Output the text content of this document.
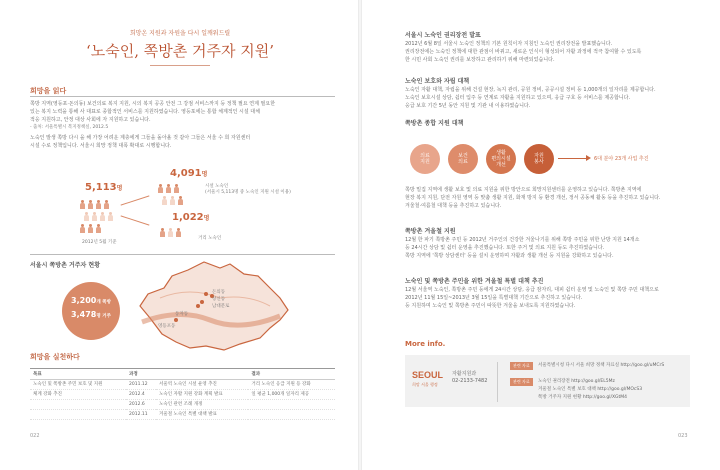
희망온 지원과 자원을 다시 일깨워드릴
‘노숙인, 쪽방촌 거주자 지원’
희망을 읽다
쪽방 지역(영등포·돈의동) 보건의료 복지 지원, 시의 복지 공공 안전 그 강점 서비스까지 등 정책 필요 연계 필요한
있는 복지 노력을 통해 사 대표로 종합적인 서비스를 지원하였습니다. 영등포에는 통합 체계적인 시설 대체
적응 지원하고, 안정 대상 사회에 자 지원하고 있습니다.
- 출처: 서울특별시 복지정책실, 2012.5
노숙인 발생 쪽방 다시 을 해 가장 어려운 계층에게 그들을 돌아올 것 같아 그들은 서울 수 희 자원센터
시설 수로 정책입니다. 서울시 희망 정책 대폭 확대로 시행합니다.
5,113명
2012년 5월 기준
4,091명
시설 노숙인
(서울시 5,113명 중 노숙인 지원 시설 이용)
1,022명
거리 노숙인
서울시 쪽방촌 거주자 현황
돈의동
창신동
남대문로
동자동
영등포동
3,200개 쪽방
3,478명 거주
희망을 실천하다
목표	과정		결과
노숙인 및 쪽방촌 주민 보호 및 지원	2011.12	서울역 노숙인 시설 운영 추진	거리 노숙인 응급 지원 등 강화
체계 강화 추진	2012.4	노숙인 자활 지원 강화 계획 발표	일 평균 1,000개 일자리 제공
	2012.6	노숙인 관련 조례 개정	
	2012.11	겨울철 노숙인 특별 대책 발표	
022
서울시 노숙인 권리장전 발표
2012년 6월 8일 서울시 노숙인 정책의 기본 원칙이자 지침인 노숙인 권리장전을 발표했습니다.
권리장전에는 노숙인 정책에 대한 관점이 바뀌고, 새로운 인식이 형성되어 자활 과정에 적극 참여할 수 있도록
한 시민 사회 노숙인 권리를 보장하고 관리하기 위해 마련되었습니다.
노숙인 보호와 자립 대책
노숙인 자활 대책, 자립을 위해 건설 현장, 녹지 관리, 공원 정비, 공공시설 정비 등 1,000개의 일자리를 제공합니다.
노숙인 보호시설 상담, 쉼터 입주 등 연계로 자활을 지원하고 있으며, 응급 구호 등 서비스를 제공합니다.
응급 보호 기간 5년 동안 지원 및 기관 내 이용하였습니다.
쪽방촌 종합 지원 대책
의료
지원
보건
의료
생활
편의시설
개선
자원
봉사	6대 분야 23개 사업 추진
쪽방 밀집 지역에 생활 보호 및 의료 지원을 위한 방안으로 희망지원센터를 운영하고 있습니다. 쪽방촌 지역에
현장 복지 지원, 단전 자원 영역 등 맞춤 생활 지원, 화재 방지 등 환경 개선, 정서 공동체 활동 등을 추진하고 있습니다.
겨울철·여름철 대책 등을 추진하고 있습니다.
쪽방촌 겨울철 지원
12월 한 파기 쪽방촌 주민 등 2012년 거주인의 건강한 겨울나기를 위해 쪽방 주민을 위한 난방 지원 14개소
등 24시간 상담 및 쉼터 운영을 추진했습니다. 또한 주거 및 의료 지원 등도 추진하였습니다.
쪽방 지역에 '쪽방 상담센터' 등을 설치 운영하며 자활과 생활 개선 등 지원을 강화하고 있습니다.
노숙인 및 쪽방촌 주민을 위한 겨울철 특별 대책 추진
12월 서울역 노숙인, 쪽방촌 주민 등에게 24시간 상담, 응급 잠자리, 대피 쉼터 운영 및 노숙인 및 쪽방 주민 대책으로
2012년 11월 15일~2013년 3월 15일을 특별대책 기간으로 추진하고 있습니다.
등 지원하며 노숙인 및 쪽방촌 주민이 따뜻한 겨울을 보내도록 지원하였습니다.
More info.
SEOUL
희망 서울 행정
자활지원과
02-2133-7482
관련 자료	서울특별시청 다시 서울 희망 정책 자료실 http://goo.gl/uMCrS
관련 자료	노숙인 권리장전 http://goo.gl/EL5Mz
겨울철 노숙인 특별 보호 대책 http://goo.gl/MOcS3
쪽방 거주자 지원 현황 http://goo.gl/XGtM4
023
